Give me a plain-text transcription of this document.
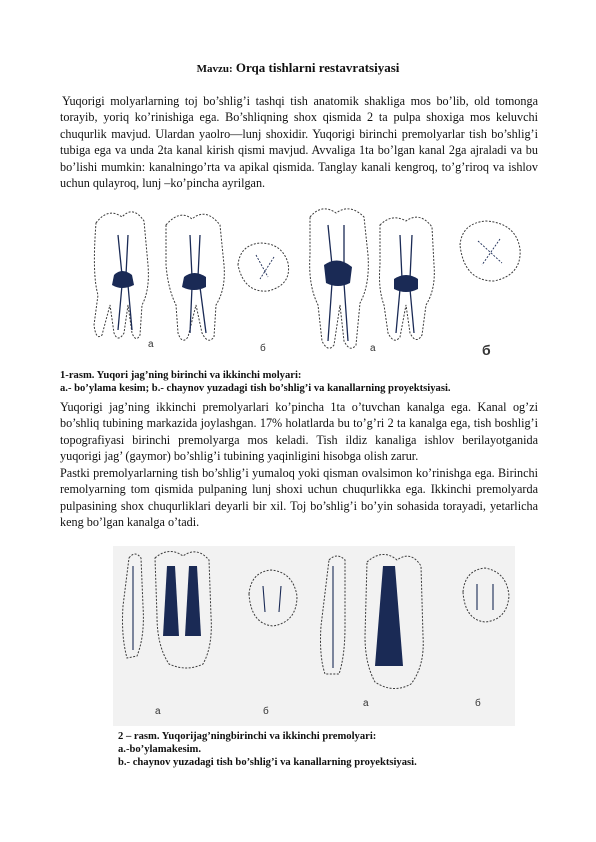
Mavzu: Orqa tishlarni restavratsiyasi

Yuqorigi molyarlarning toj bo’shlig’i tashqi tish anatomik shakliga mos bo’lib, old tomonga torayib, yoriq ko’rinishiga ega. Bo’shliqning shox qismida 2 ta pulpa shoxiga mos keluvchi chuqurlik mavjud. Ulardan yaolro—lunj shoxidir. Yuqorigi birinchi premolyarlar tish bo’shlig’i tubiga ega va unda 2ta kanal kirish qismi mavjud. Avvaliga 1ta bo’lgan kanal 2ga ajraladi va bu bo’lishi mumkin: kanalningo’rta va apikal qismida. Tanglay kanali kengroq, to’g’riroq va ishlov uchun qulayroq, lunj –ko’pincha ayrilgan.

а	б	а	б
1-rasm. Yuqori jag’ning birinchi va ikkinchi molyari:
a.- bo’ylama kesim; b.- chaynov yuzadagi tish bo’shlig’i va kanallarning proyektsiyasi.

Yuqorigi jag’ning ikkinchi premolyarlari ko’pincha 1ta o’tuvchan kanalga ega. Kanal og’zi bo’shliq tubining markazida joylashgan. 17% holatlarda bu to’g’ri 2 ta kanalga ega, tish boshlig’i topografiyasi birinchi premolyarga mos keladi. Tish ildiz kanaliga ishlov berilayotganida yuqorigi jag’ (gaymor) bo’shlig’i tubining yaqinligini hisobga olish zarur.

Pastki premolyarlarning tish bo’shlig’i yumaloq yoki qisman ovalsimon ko’rinishga ega. Birinchi remolyarning tom qismida pulpaning lunj shoxi uchun chuqurlikka ega. Ikkinchi premolyarda pulpasining shox chuqurliklari deyarli bir xil. Toj bo’shlig’i bo’yin sohasida torayadi, yetarlicha keng bo’lgan kanalga o’tadi.

а	б
а	б
2 – rasm. Yuqorijag’ningbirinchi va ikkinchi premolyari:
a.-bo’ylamakesim.
b.- chaynov yuzadagi tish bo’shlig’i va kanallarning proyektsiyasi.
